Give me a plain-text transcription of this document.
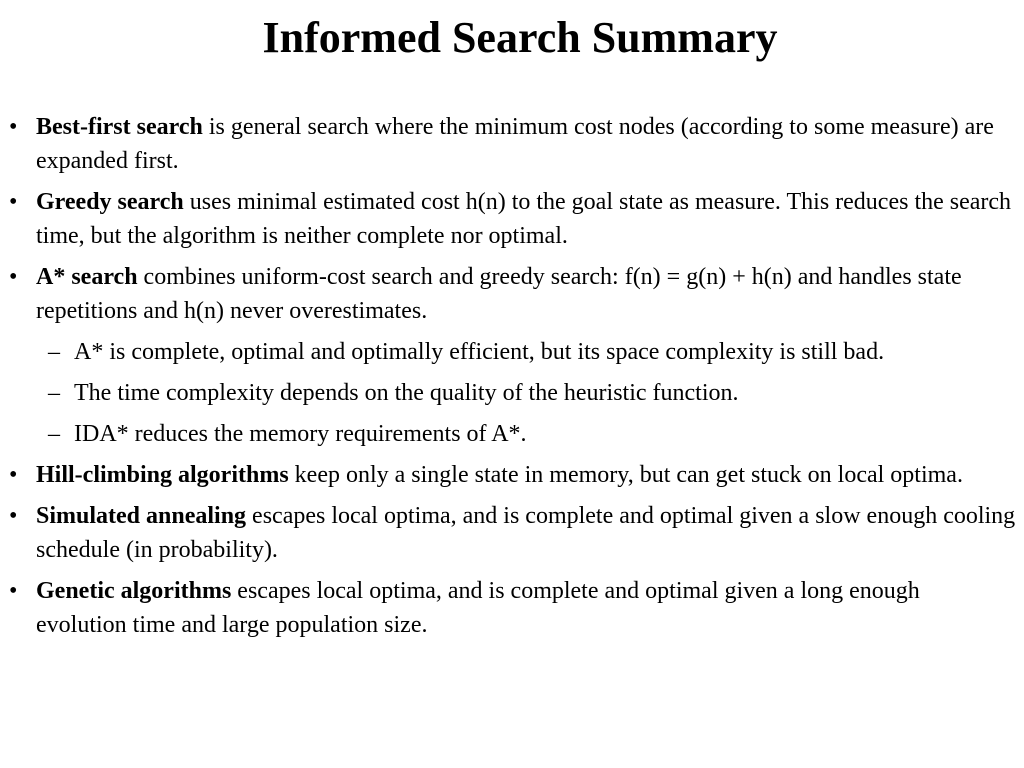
Informed Search Summary
• Best-first search is general search where the minimum cost nodes (according to some measure) are expanded first.
• Greedy search uses minimal estimated cost h(n) to the goal state as measure. This reduces the search time, but the algorithm is neither complete nor optimal.
• A* search combines uniform-cost search and greedy search: f(n) = g(n) + h(n) and handles state repetitions and h(n) never overestimates.
– A* is complete, optimal and optimally efficient, but its space complexity is still bad.
– The time complexity depends on the quality of the heuristic function.
– IDA* reduces the memory requirements of A*.
• Hill-climbing algorithms keep only a single state in memory, but can get stuck on local optima.
• Simulated annealing escapes local optima, and is complete and optimal given a slow enough cooling schedule (in probability).
• Genetic algorithms escapes local optima, and is complete and optimal given a long enough evolution time and large population size.
